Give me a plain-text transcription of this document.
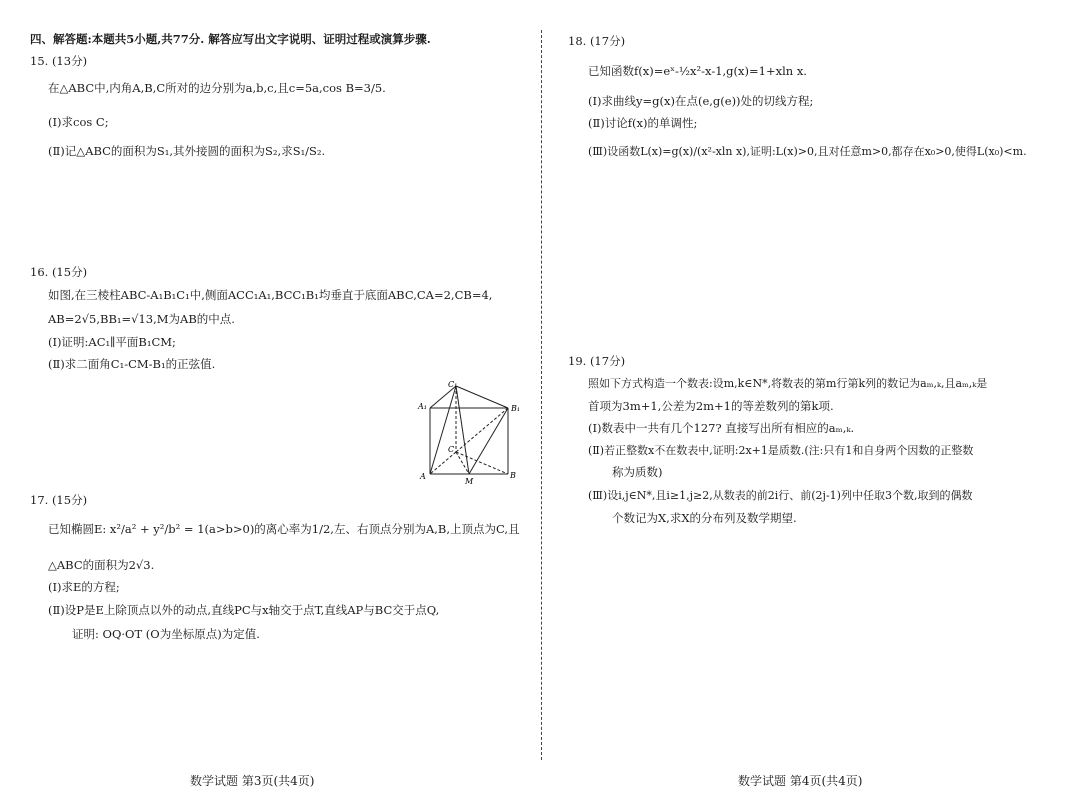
四、解答题:本题共5小题,共77分. 解答应写出文字说明、证明过程或演算步骤.
15. (13分)
在△ABC中,内角A,B,C所对的边分别为a,b,c,且c=5a,cos B=3/5.
(Ⅰ)求cos C;
(Ⅱ)记△ABC的面积为S₁,其外接圆的面积为S₂,求S₁/S₂.
16. (15分)
如图,在三棱柱ABC-A₁B₁C₁中,侧面ACC₁A₁,BCC₁B₁均垂直于底面ABC,CA=2,CB=4,
AB=2√5,BB₁=√13,M为AB的中点.
(Ⅰ)证明:AC₁∥平面B₁CM;
(Ⅱ)求二面角C₁-CM-B₁的正弦值.
C₁
A₁	B₁
C
A	B
M
17. (15分)
已知椭圆E: x²/a² + y²/b² = 1(a>b>0)的离心率为1/2,左、右顶点分别为A,B,上顶点为C,且
△ABC的面积为2√3.
(Ⅰ)求E的方程;
(Ⅱ)设P是E上除顶点以外的动点,直线PC与x轴交于点T,直线AP与BC交于点Q,
证明: OQ·OT (O为坐标原点)为定值.
数学试题 第3页(共4页)
18. (17分)
已知函数f(x)=eˣ-½x²-x-1,g(x)=1+xln x.
(Ⅰ)求曲线y=g(x)在点(e,g(e))处的切线方程;
(Ⅱ)讨论f(x)的单调性;
(Ⅲ)设函数L(x)=g(x)/(x²-xln x),证明:L(x)>0,且对任意m>0,都存在x₀>0,使得L(x₀)<m.
19. (17分)
照如下方式构造一个数表:设m,k∈N*,将数表的第m行第k列的数记为aₘ,ₖ,且aₘ,ₖ是
首项为3m+1,公差为2m+1的等差数列的第k项.
(Ⅰ)数表中一共有几个127? 直接写出所有相应的aₘ,ₖ.
(Ⅱ)若正整数x不在数表中,证明:2x+1是质数.(注:只有1和自身两个因数的正整数
称为质数)
(Ⅲ)设i,j∈N*,且i≥1,j≥2,从数表的前2i行、前(2j-1)列中任取3个数,取到的偶数
个数记为X,求X的分布列及数学期望.
数学试题 第4页(共4页)
